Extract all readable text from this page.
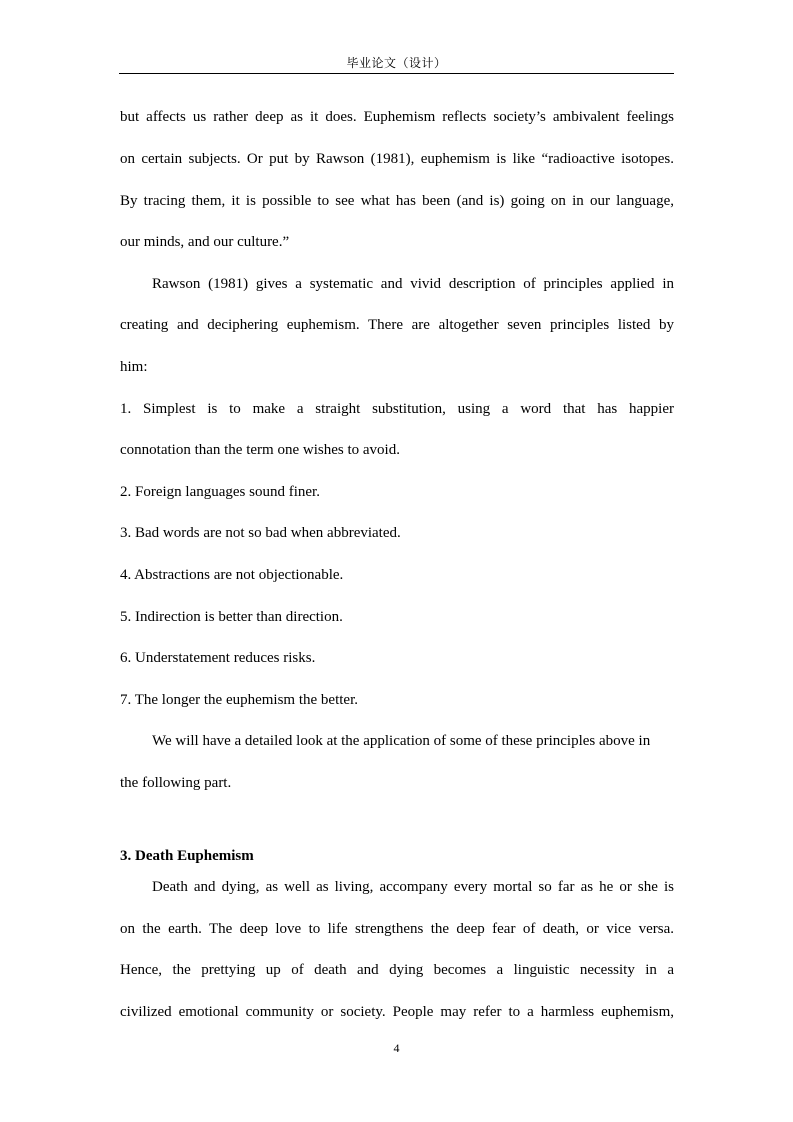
毕业论文（设计）

but affects us rather deep as it does. Euphemism reflects society’s ambivalent feelings

on certain subjects. Or put by Rawson (1981), euphemism is like “radioactive isotopes.

By tracing them, it is possible to see what has been (and is) going on in our language,

our minds, and our culture.”

Rawson (1981) gives a systematic and vivid description of principles applied in

creating and deciphering euphemism. There are altogether seven principles listed by

him:

1. Simplest is to make a straight substitution, using a word that has happier

connotation than the term one wishes to avoid.

2. Foreign languages sound finer.

3. Bad words are not so bad when abbreviated.

4. Abstractions are not objectionable.

5. Indirection is better than direction.

6. Understatement reduces risks.

7. The longer the euphemism the better.

We will have a detailed look at the application of some of these principles above in

the following part.

3. Death Euphemism

Death and dying, as well as living, accompany every mortal so far as he or she is

on the earth. The deep love to life strengthens the deep fear of death, or vice versa.

Hence, the prettying up of death and dying becomes a linguistic necessity in a

civilized emotional community or society. People may refer to a harmless euphemism,

4
